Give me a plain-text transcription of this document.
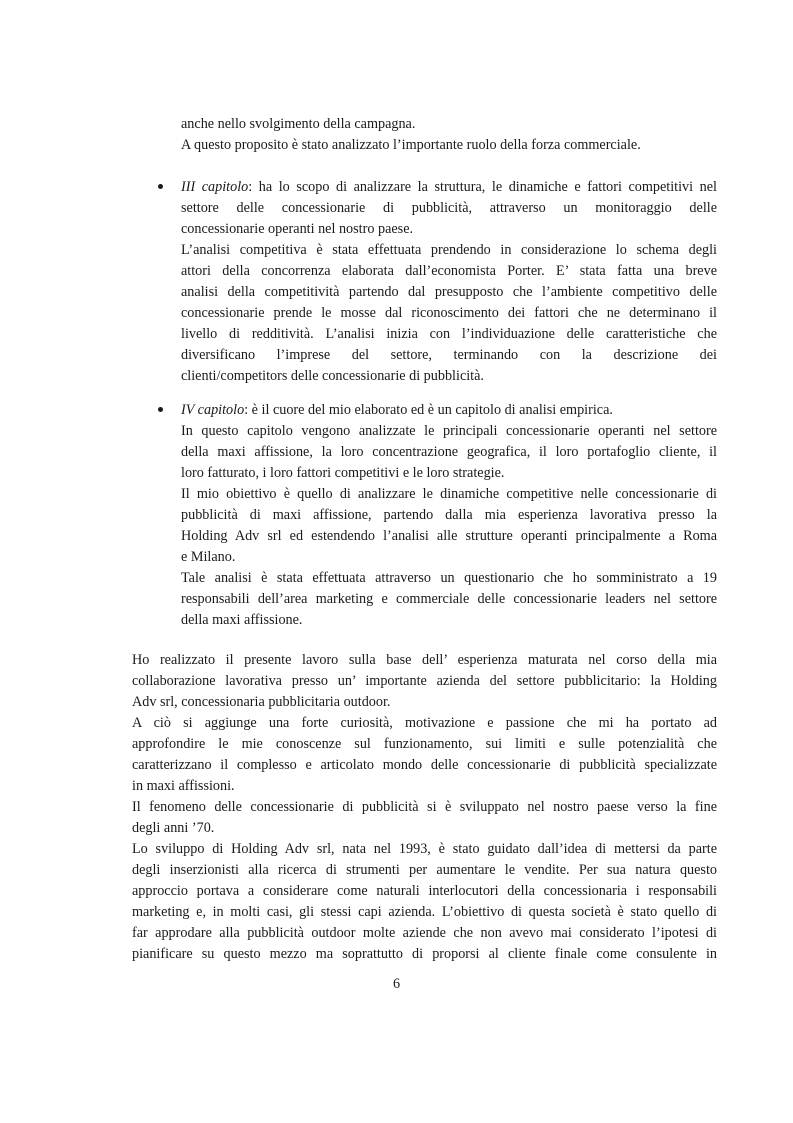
anche nello svolgimento della campagna.
A questo proposito è stato analizzato l’importante ruolo della forza commerciale.
III capitolo: ha lo scopo di analizzare la struttura, le dinamiche e fattori competitivi nel
settore delle concessionarie di pubblicità, attraverso un monitoraggio delle
concessionarie operanti nel nostro paese.
L’analisi competitiva è stata effettuata prendendo in considerazione lo schema degli
attori della concorrenza elaborata dall’economista Porter. E’ stata fatta una breve
analisi della competitività partendo dal presupposto che l’ambiente competitivo delle
concessionarie prende le mosse dal riconoscimento dei fattori che ne determinano il
livello di redditività. L’analisi inizia con l’individuazione delle caratteristiche che
diversificano l’imprese del settore, terminando con la descrizione dei
clienti/competitors delle concessionarie di pubblicità.
IV capitolo: è il cuore del mio elaborato ed è un capitolo di analisi empirica.
In questo capitolo vengono analizzate le principali concessionarie operanti nel settore
della maxi affissione, la loro concentrazione geografica, il loro portafoglio cliente, il
loro fatturato, i loro fattori competitivi e le loro strategie.
Il mio obiettivo è quello di analizzare le dinamiche competitive nelle concessionarie di
pubblicità di maxi affissione, partendo dalla mia esperienza lavorativa presso la
Holding Adv srl ed estendendo l’analisi alle strutture operanti principalmente a Roma
e Milano.
Tale analisi è stata effettuata attraverso un questionario che ho somministrato a 19
responsabili dell’area marketing e commerciale delle concessionarie leaders nel settore
della maxi affissione.
Ho realizzato il presente lavoro sulla base dell’ esperienza maturata nel corso della mia
collaborazione lavorativa presso un’ importante azienda del settore pubblicitario: la Holding
Adv srl, concessionaria pubblicitaria outdoor.
A ciò si aggiunge una forte curiosità, motivazione e passione che mi ha portato ad
approfondire le mie conoscenze sul funzionamento, sui limiti e sulle potenzialità che
caratterizzano il complesso e articolato mondo delle concessionarie di pubblicità specializzate
in maxi affissioni.
Il fenomeno delle concessionarie di pubblicità si è sviluppato nel nostro paese verso la fine
degli anni ’70.
Lo sviluppo di Holding Adv srl, nata nel 1993, è stato guidato dall’idea di mettersi da parte
degli inserzionisti alla ricerca di strumenti per aumentare le vendite. Per sua natura questo
approccio portava a considerare come naturali interlocutori della concessionaria i responsabili
marketing e, in molti casi, gli stessi capi azienda. L’obiettivo di questa società è stato quello di
far approdare alla pubblicità outdoor molte aziende che non avevo mai considerato l’ipotesi di
pianificare su questo mezzo ma soprattutto di proporsi al cliente finale come consulente in
6
